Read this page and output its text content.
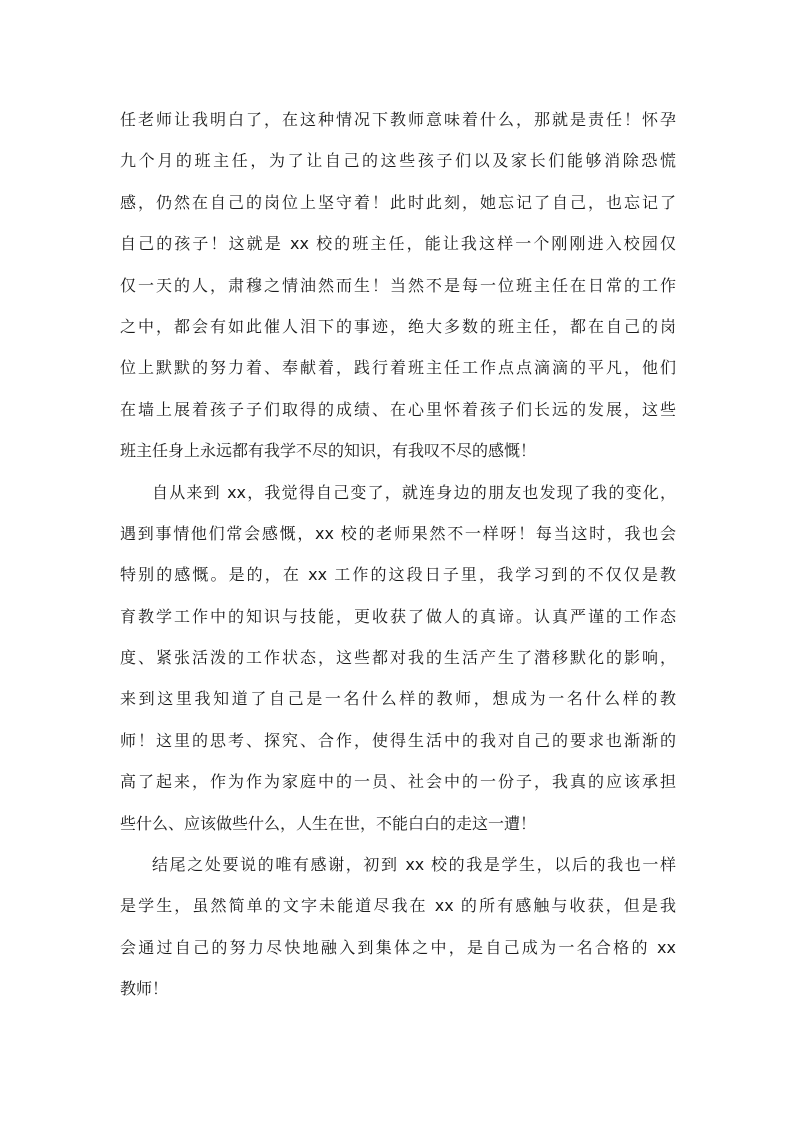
任老师让我明白了，在这种情况下教师意味着什么，那就是责任！怀孕
九个月的班主任，为了让自己的这些孩子们以及家长们能够消除恐慌
感，仍然在自己的岗位上坚守着！此时此刻，她忘记了自己，也忘记了
自己的孩子！这就是 xx 校的班主任，能让我这样一个刚刚进入校园仅
仅一天的人，肃穆之情油然而生！当然不是每一位班主任在日常的工作
之中，都会有如此催人泪下的事迹，绝大多数的班主任，都在自己的岗
位上默默的努力着、奉献着，践行着班主任工作点点滴滴的平凡，他们
在墙上展着孩子子们取得的成绩、在心里怀着孩子们长远的发展，这些
班主任身上永远都有我学不尽的知识，有我叹不尽的感慨！
自从来到 xx，我觉得自己变了，就连身边的朋友也发现了我的变化，
遇到事情他们常会感慨，xx 校的老师果然不一样呀！每当这时，我也会
特别的感慨。是的，在 xx 工作的这段日子里，我学习到的不仅仅是教
育教学工作中的知识与技能，更收获了做人的真谛。认真严谨的工作态
度、紧张活泼的工作状态，这些都对我的生活产生了潜移默化的影响，
来到这里我知道了自己是一名什么样的教师，想成为一名什么样的教
师！这里的思考、探究、合作，使得生活中的我对自己的要求也渐渐的
高了起来，作为作为家庭中的一员、社会中的一份子，我真的应该承担
些什么、应该做些什么，人生在世，不能白白的走这一遭！
结尾之处要说的唯有感谢，初到 xx 校的我是学生，以后的我也一样
是学生，虽然简单的文字未能道尽我在 xx 的所有感触与收获，但是我
会通过自己的努力尽快地融入到集体之中，是自己成为一名合格的 xx
教师！
